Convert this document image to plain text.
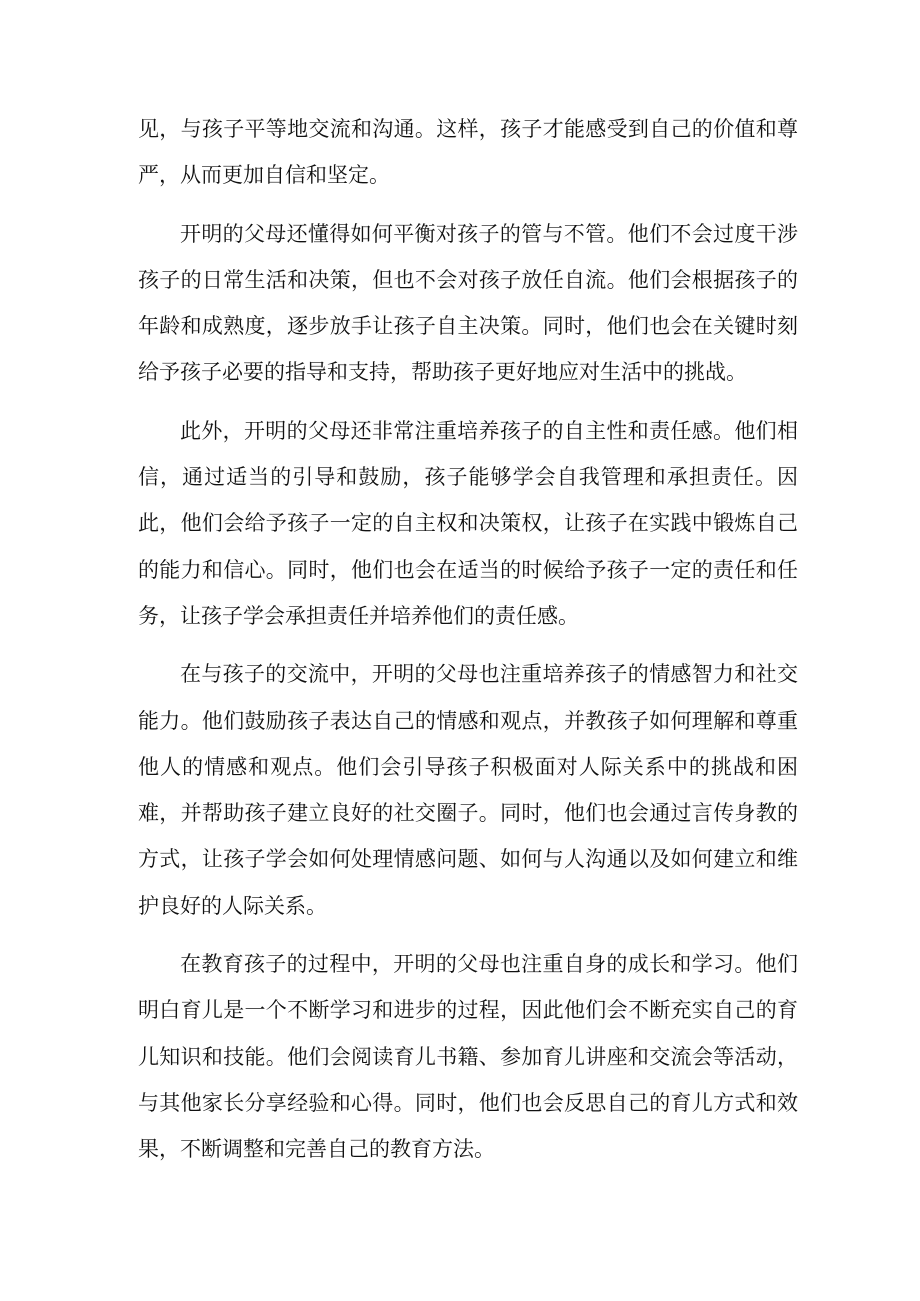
见，与孩子平等地交流和沟通。这样，孩子才能感受到自己的价值和尊严，从而更加自信和坚定。

开明的父母还懂得如何平衡对孩子的管与不管。他们不会过度干涉孩子的日常生活和决策，但也不会对孩子放任自流。他们会根据孩子的年龄和成熟度，逐步放手让孩子自主决策。同时，他们也会在关键时刻给予孩子必要的指导和支持，帮助孩子更好地应对生活中的挑战。

此外，开明的父母还非常注重培养孩子的自主性和责任感。他们相信，通过适当的引导和鼓励，孩子能够学会自我管理和承担责任。因此，他们会给予孩子一定的自主权和决策权，让孩子在实践中锻炼自己的能力和信心。同时，他们也会在适当的时候给予孩子一定的责任和任务，让孩子学会承担责任并培养他们的责任感。

在与孩子的交流中，开明的父母也注重培养孩子的情感智力和社交能力。他们鼓励孩子表达自己的情感和观点，并教孩子如何理解和尊重他人的情感和观点。他们会引导孩子积极面对人际关系中的挑战和困难，并帮助孩子建立良好的社交圈子。同时，他们也会通过言传身教的方式，让孩子学会如何处理情感问题、如何与人沟通以及如何建立和维护良好的人际关系。

在教育孩子的过程中，开明的父母也注重自身的成长和学习。他们明白育儿是一个不断学习和进步的过程，因此他们会不断充实自己的育儿知识和技能。他们会阅读育儿书籍、参加育儿讲座和交流会等活动，与其他家长分享经验和心得。同时，他们也会反思自己的育儿方式和效果，不断调整和完善自己的教育方法。
